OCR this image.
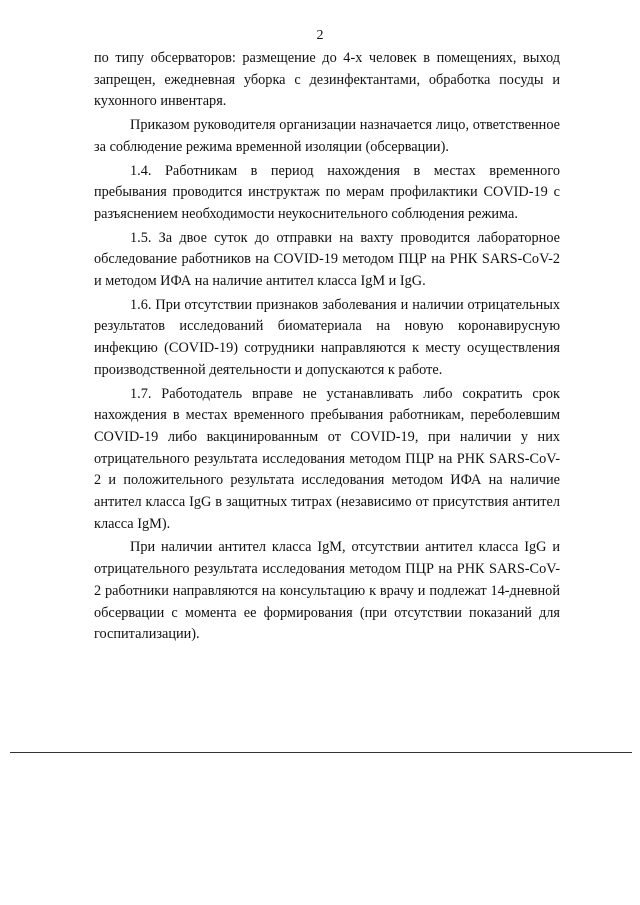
2

по типу обсерваторов: размещение до 4-х человек в помещениях, выход запрещен, ежедневная уборка с дезинфектантами, обработка посуды и кухонного инвентаря.

Приказом руководителя организации назначается лицо, ответственное за соблюдение режима временной изоляции (обсервации).

1.4. Работникам в период нахождения в местах временного пребывания проводится инструктаж по мерам профилактики COVID-19 с разъяснением необходимости неукоснительного соблюдения режима.

1.5. За двое суток до отправки на вахту проводится лабораторное обследование работников на COVID-19 методом ПЦР на РНК SARS-CoV-2 и методом ИФА на наличие антител класса IgM и IgG.

1.6. При отсутствии признаков заболевания и наличии отрицательных результатов исследований биоматериала на новую коронавирусную инфекцию (COVID-19) сотрудники направляются к месту осуществления производственной деятельности и допускаются к работе.

1.7. Работодатель вправе не устанавливать либо сократить срок нахождения в местах временного пребывания работникам, переболевшим COVID-19 либо вакцинированным от COVID-19, при наличии у них отрицательного результата исследования методом ПЦР на РНК SARS-CoV-2 и положительного результата исследования методом ИФА на наличие антител класса IgG в защитных титрах (независимо от присутствия антител класса IgM).

При наличии антител класса IgM, отсутствии антител класса IgG и отрицательного результата исследования методом ПЦР на РНК SARS-CoV-2 работники направляются на консультацию к врачу и подлежат 14-дневной обсервации с момента ее формирования (при отсутствии показаний для госпитализации).
